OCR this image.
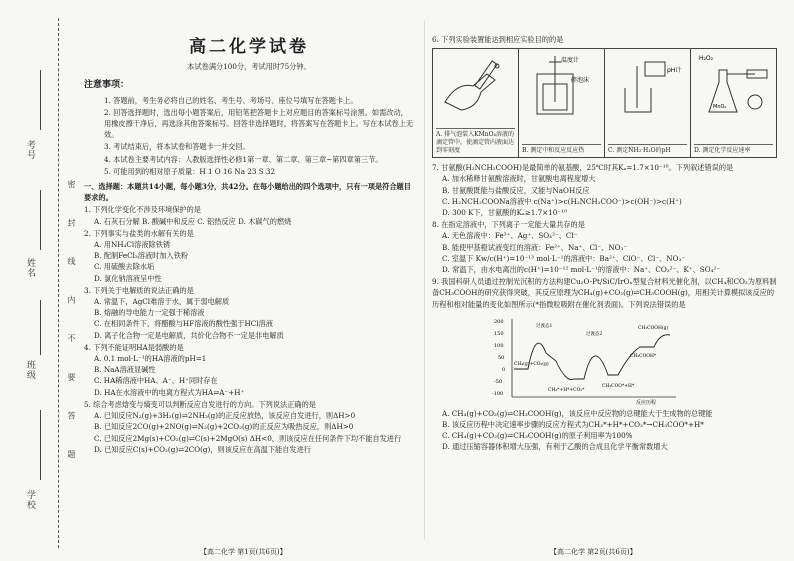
考号
姓名
班级
学校
密 封 线 内 不 要 答 题
高二化学试卷
本试卷满分100分，考试用时75分钟。
注意事项：

1. 答题前，考生务必将自己的姓名、考生号、考场号、座位号填写在答题卡上。

2. 回答选择题时，选出每小题答案后，用铅笔把答题卡上对应题目的答案标号涂黑。如需改动，用橡皮擦干净后，再选涂其他答案标号。回答非选择题时，将答案写在答题卡上。写在本试卷上无效。

3. 考试结束后，将本试卷和答题卡一并交回。

4. 本试卷主要考试内容：人教版选择性必修1第一章、第二章、第三章~第四章第三节。

5. 可能用到的相对原子质量：H 1 O 16 Na 23 S 32

一、选择题：本题共14小题，每小题3分，共42分。在每小题给出的四个选项中，只有一项是符合题目要求的。
1. 下列化学变化不涉及环境保护的是
A. 石灰石分解 B. 酸碱中和反应 C. 铝热反应 D. 木碳气的燃烧
2. 下列事实与盐类的水解有关的是
A. 用NH₄Cl溶液除铁锈
B. 配制FeCl₃溶液时加入铁粉
C. 用硫酸去除水垢
D. 氯化钠溶液呈中性
3. 下列关于电解质的说法正确的是
A. 常温下，AgCl难溶于水，属于弱电解质
B. 熔融的导电能力一定强于稀溶液
C. 在相同条件下，将醋酸与HF溶液的酸性强于HCl溶液
D. 离子化合物一定是电解质，共价化合物不一定是非电解质
4. 下列不能证明HA是弱酸的是
A. 0.1 mol·L⁻¹的HA溶液的pH=1
B. NaA溶液显碱性
C. HA稀溶液中HA、A⁻、H⁺同时存在
D. HA在水溶液中的电离方程式为HA⇌A⁻+H⁺
5. 综合考虑焓变与熵变可以判断反应自发进行的方向。下列说法正确的是
A. 已知反应N₂(g)+3H₂(g)⇌2NH₃(g)的正反应放热，该反应自发进行，则ΔH>0
B. 已知反应2CO(g)+2NO(g)⇌N₂(g)+2CO₂(g)的正反应为吸热反应，则ΔH>0
C. 已知反应2Mg(s)+CO₂(g)⇌C(s)+2MgO(s) ΔH<0，则该反应在任何条件下均不能自发进行
D. 已知反应C(s)+CO₂(g)⇌2CO(g)，则该反应在高温下能自发进行
6. 下列实验装置能达到相应实验目的的是
A. 排气泡装入KMnO₄溶液的滴定管中，使滴定管内液面达到零刻度
温度计
碎泡沫
B. 测定中和反应反应热
pH计
C. 测定NH₃·H₂O的pH
H₂O₂
MnO₂
D. 测定化学反应速率
7. 甘氨酸(H₂NCH₂COOH)是最简单的氨基酸，25℃时其Kₐ=1.7×10⁻¹⁰。下列叙述错误的是
A. 加水稀释甘氨酸溶液时，甘氨酸电离程度增大
B. 甘氨酸既能与盐酸反应，又能与NaOH反应
C. H₂NCH₂COONa溶液中 c(Na⁺)>c(H₂NCH₂COO⁻)>c(OH⁻)>c(H⁺)
D. 300 K下，甘氨酸的Kₐ≥1.7×10⁻¹⁰
8. 在指定溶液中，下列离子一定能大量共存的是
A. 无色溶液中：Fe³⁺、Ag⁺、SO₄²⁻、Cl⁻
B. 能使甲基橙试液变红的溶液：Fe²⁺、Na⁺、Cl⁻、NO₃⁻
C. 室温下 Kw/c(H⁺)=10⁻¹³ mol·L⁻¹的溶液中：Ba²⁺、ClO⁻、Cl⁻、NO₃⁻
D. 常温下，由水电离出的c(H⁺)=10⁻¹² mol·L⁻¹的溶液中：Na⁺、CO₃²⁻、K⁺、SO₄²⁻
9. 我国科研人员通过控制光沉积的方法构建Cu₂O-Pt/SiC/IrOₓ型复合材料光催化剂，以CH₄和CO₂为原料制备CH₃COOH的研究获得突破，其反应原理为CH₄(g)+CO₂(g)⇌CH₃COOH(g)，用相关计算模拟该反应的历程和相对能量的变化如图所示(*指微粒吸附在催化剂表面)。下列说法错误的是
200
150
100
50
0
-50
-100
CH₄(g)+CO₂(g)
过渡态1
过渡态2
CH₃*+H*+CO₂*
CH₃COO*+H*
CH₃COOH*
CH₃COOH(g)
反应历程
A. CH₄(g)+CO₂(g)⇌CH₃COOH(g)，该反应中反应物的总键能大于生成物的总键能
B. 该反应历程中决定速率步骤的反应方程式为CH₃*+H*+CO₂*→CH₃COO*+H*
C. CH₄(g)+CO₂(g)⇌CH₃COOH(g)的原子利用率为100%
D. 通过压缩容器体积增大压强，有利于乙酸的合成且化学平衡常数增大
【高二化学 第1页(共6页)】	【高二化学 第2页(共6页)】
